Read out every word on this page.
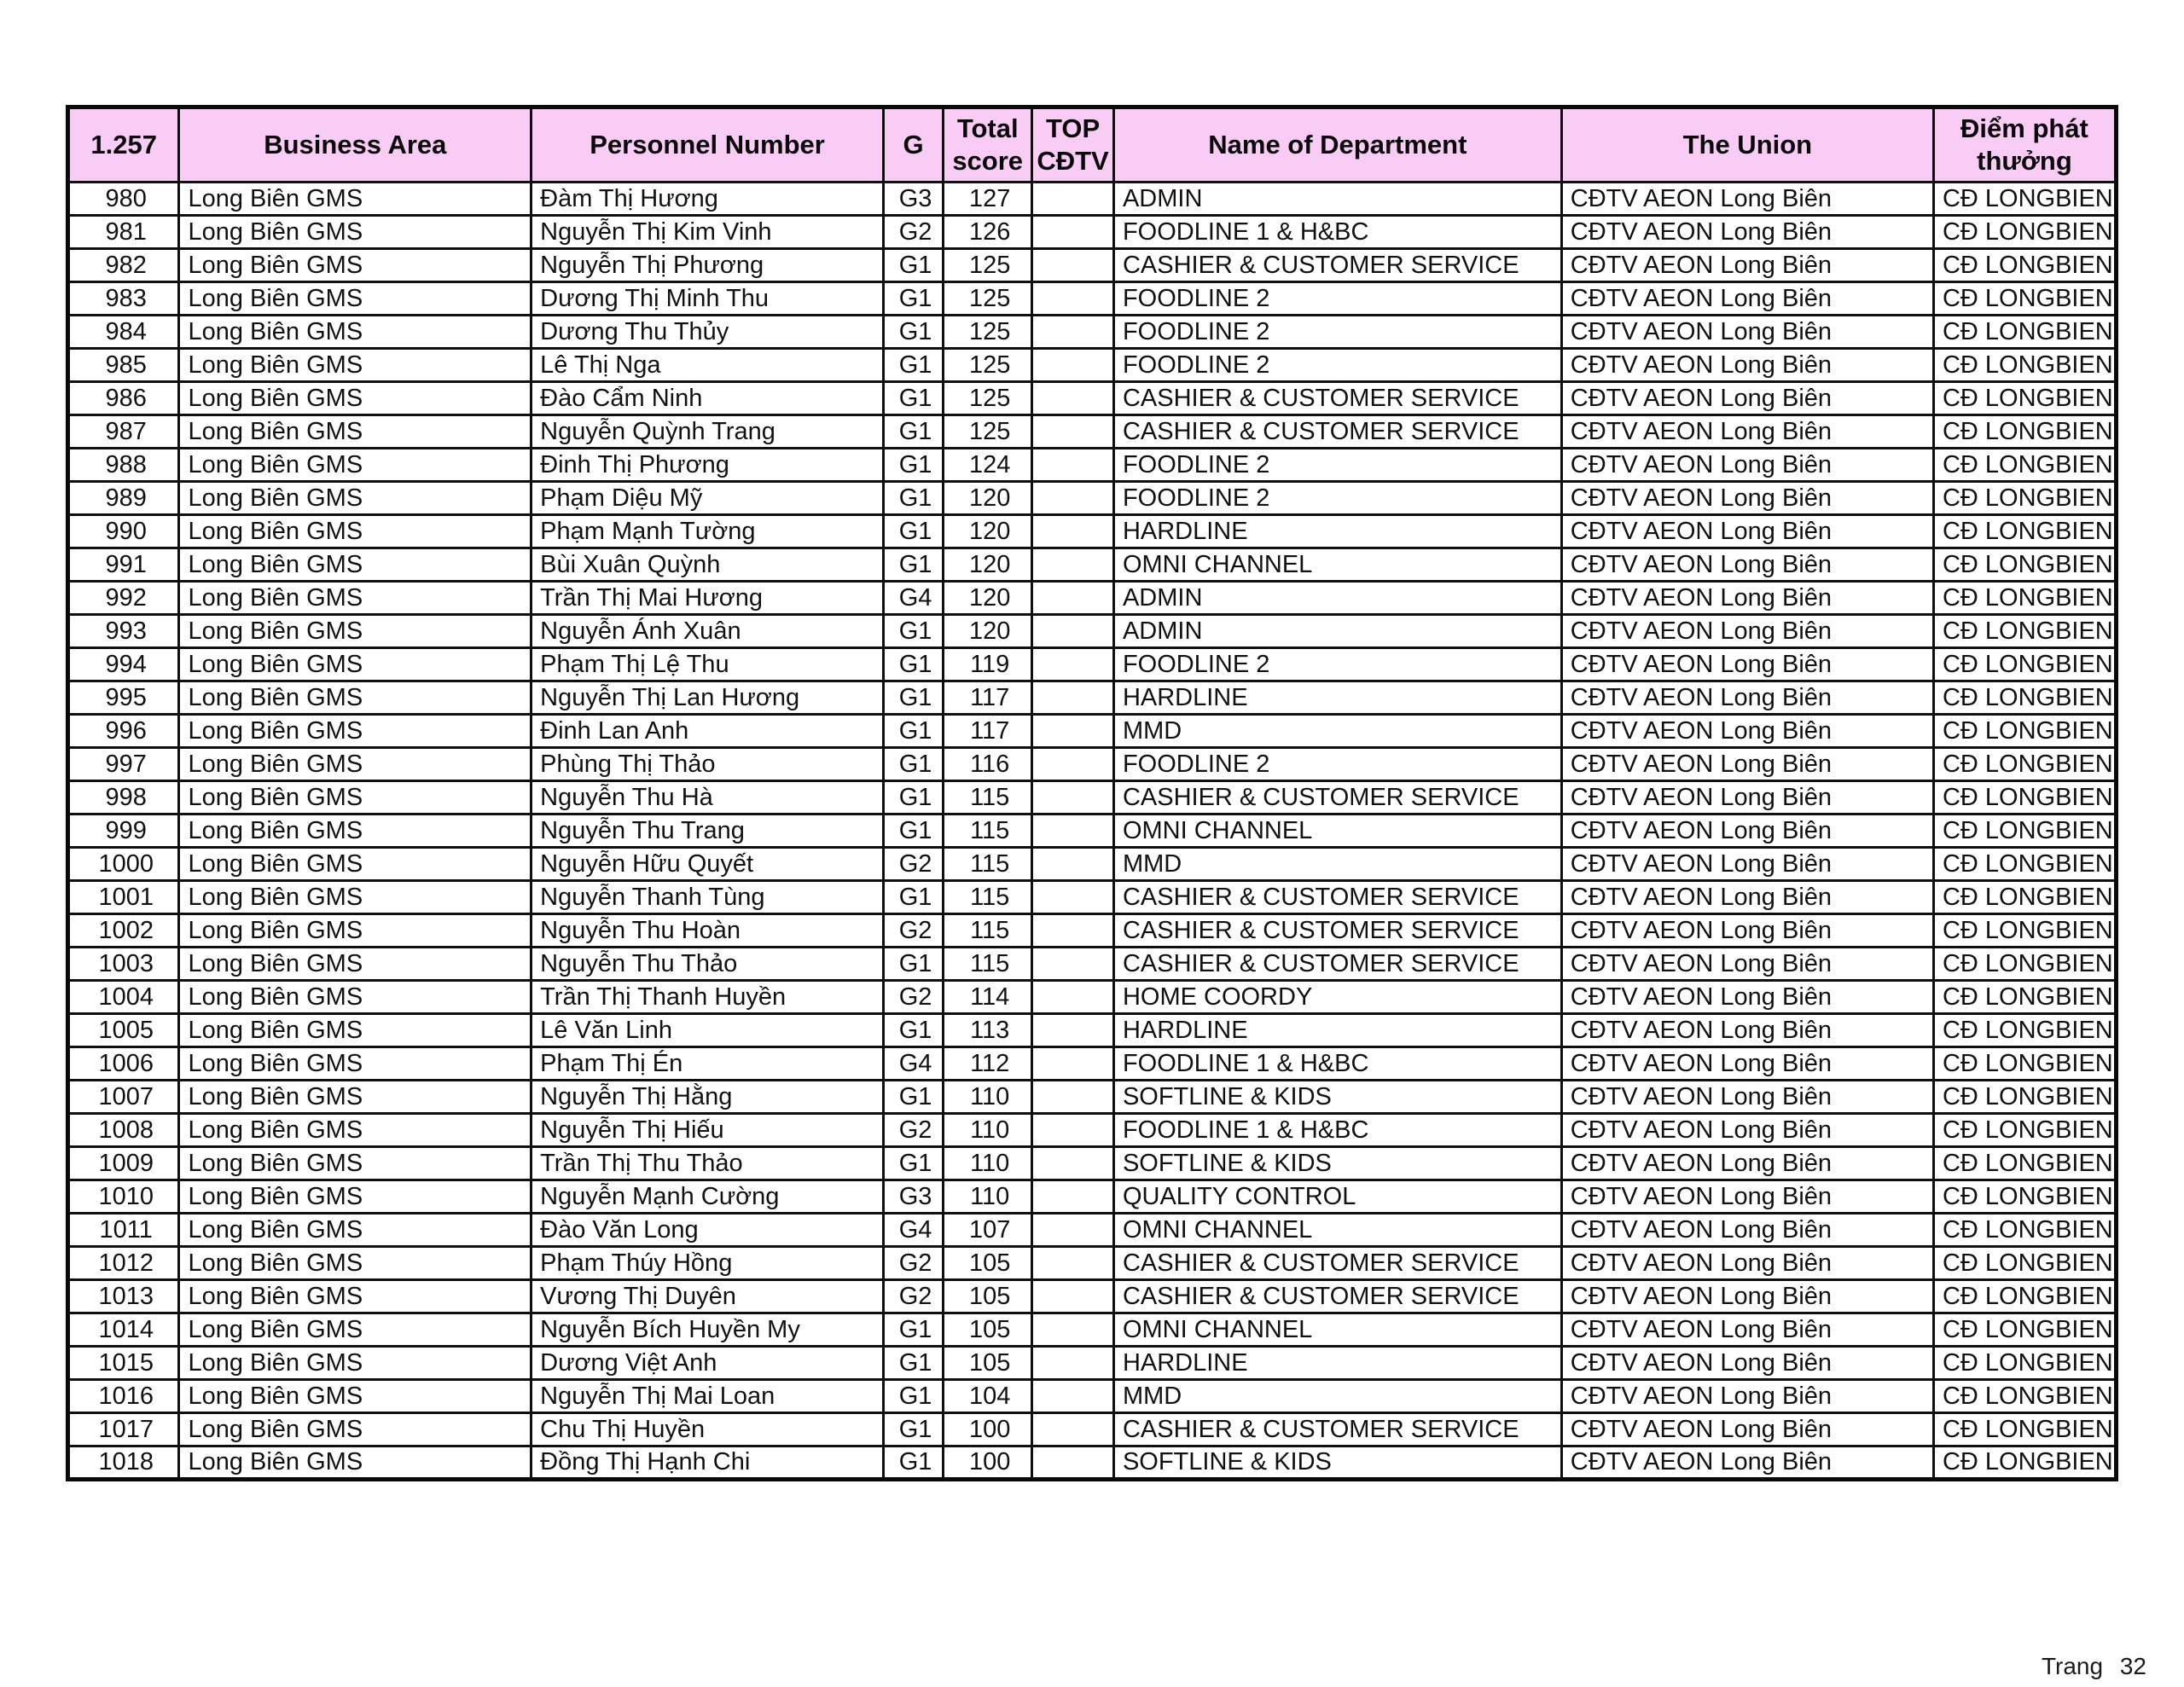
1.257	Business Area	Personnel Number	G	Total score	TOP CĐTV	Name of Department	The Union	Điểm phát thưởng
980	Long Biên GMS	Đàm Thị Hương	G3	127		ADMIN	CĐTV AEON Long Biên	CĐ LONGBIEN
981	Long Biên GMS	Nguyễn Thị Kim Vinh	G2	126		FOODLINE 1 & H&BC	CĐTV AEON Long Biên	CĐ LONGBIEN
982	Long Biên GMS	Nguyễn Thị Phương	G1	125		CASHIER & CUSTOMER SERVICE	CĐTV AEON Long Biên	CĐ LONGBIEN
983	Long Biên GMS	Dương Thị Minh Thu	G1	125		FOODLINE 2	CĐTV AEON Long Biên	CĐ LONGBIEN
984	Long Biên GMS	Dương Thu Thủy	G1	125		FOODLINE 2	CĐTV AEON Long Biên	CĐ LONGBIEN
985	Long Biên GMS	Lê Thị Nga	G1	125		FOODLINE 2	CĐTV AEON Long Biên	CĐ LONGBIEN
986	Long Biên GMS	Đào Cẩm Ninh	G1	125		CASHIER & CUSTOMER SERVICE	CĐTV AEON Long Biên	CĐ LONGBIEN
987	Long Biên GMS	Nguyễn Quỳnh Trang	G1	125		CASHIER & CUSTOMER SERVICE	CĐTV AEON Long Biên	CĐ LONGBIEN
988	Long Biên GMS	Đinh Thị Phương	G1	124		FOODLINE 2	CĐTV AEON Long Biên	CĐ LONGBIEN
989	Long Biên GMS	Phạm Diệu Mỹ	G1	120		FOODLINE 2	CĐTV AEON Long Biên	CĐ LONGBIEN
990	Long Biên GMS	Phạm Mạnh Tường	G1	120		HARDLINE	CĐTV AEON Long Biên	CĐ LONGBIEN
991	Long Biên GMS	Bùi Xuân Quỳnh	G1	120		OMNI CHANNEL	CĐTV AEON Long Biên	CĐ LONGBIEN
992	Long Biên GMS	Trần Thị Mai Hương	G4	120		ADMIN	CĐTV AEON Long Biên	CĐ LONGBIEN
993	Long Biên GMS	Nguyễn Ánh Xuân	G1	120		ADMIN	CĐTV AEON Long Biên	CĐ LONGBIEN
994	Long Biên GMS	Phạm Thị Lệ Thu	G1	119		FOODLINE 2	CĐTV AEON Long Biên	CĐ LONGBIEN
995	Long Biên GMS	Nguyễn Thị Lan Hương	G1	117		HARDLINE	CĐTV AEON Long Biên	CĐ LONGBIEN
996	Long Biên GMS	Đinh Lan Anh	G1	117		MMD	CĐTV AEON Long Biên	CĐ LONGBIEN
997	Long Biên GMS	Phùng Thị Thảo	G1	116		FOODLINE 2	CĐTV AEON Long Biên	CĐ LONGBIEN
998	Long Biên GMS	Nguyễn Thu Hà	G1	115		CASHIER & CUSTOMER SERVICE	CĐTV AEON Long Biên	CĐ LONGBIEN
999	Long Biên GMS	Nguyễn Thu Trang	G1	115		OMNI CHANNEL	CĐTV AEON Long Biên	CĐ LONGBIEN
1000	Long Biên GMS	Nguyễn Hữu Quyết	G2	115		MMD	CĐTV AEON Long Biên	CĐ LONGBIEN
1001	Long Biên GMS	Nguyễn Thanh Tùng	G1	115		CASHIER & CUSTOMER SERVICE	CĐTV AEON Long Biên	CĐ LONGBIEN
1002	Long Biên GMS	Nguyễn Thu Hoàn	G2	115		CASHIER & CUSTOMER SERVICE	CĐTV AEON Long Biên	CĐ LONGBIEN
1003	Long Biên GMS	Nguyễn Thu Thảo	G1	115		CASHIER & CUSTOMER SERVICE	CĐTV AEON Long Biên	CĐ LONGBIEN
1004	Long Biên GMS	Trần Thị Thanh Huyền	G2	114		HOME COORDY	CĐTV AEON Long Biên	CĐ LONGBIEN
1005	Long Biên GMS	Lê Văn Linh	G1	113		HARDLINE	CĐTV AEON Long Biên	CĐ LONGBIEN
1006	Long Biên GMS	Phạm Thị Én	G4	112		FOODLINE 1 & H&BC	CĐTV AEON Long Biên	CĐ LONGBIEN
1007	Long Biên GMS	Nguyễn Thị Hằng	G1	110		SOFTLINE & KIDS	CĐTV AEON Long Biên	CĐ LONGBIEN
1008	Long Biên GMS	Nguyễn Thị Hiếu	G2	110		FOODLINE 1 & H&BC	CĐTV AEON Long Biên	CĐ LONGBIEN
1009	Long Biên GMS	Trần Thị Thu Thảo	G1	110		SOFTLINE & KIDS	CĐTV AEON Long Biên	CĐ LONGBIEN
1010	Long Biên GMS	Nguyễn Mạnh Cường	G3	110		QUALITY CONTROL	CĐTV AEON Long Biên	CĐ LONGBIEN
1011	Long Biên GMS	Đào Văn Long	G4	107		OMNI CHANNEL	CĐTV AEON Long Biên	CĐ LONGBIEN
1012	Long Biên GMS	Phạm Thúy Hồng	G2	105		CASHIER & CUSTOMER SERVICE	CĐTV AEON Long Biên	CĐ LONGBIEN
1013	Long Biên GMS	Vương Thị Duyên	G2	105		CASHIER & CUSTOMER SERVICE	CĐTV AEON Long Biên	CĐ LONGBIEN
1014	Long Biên GMS	Nguyễn Bích Huyền My	G1	105		OMNI CHANNEL	CĐTV AEON Long Biên	CĐ LONGBIEN
1015	Long Biên GMS	Dương Việt Anh	G1	105		HARDLINE	CĐTV AEON Long Biên	CĐ LONGBIEN
1016	Long Biên GMS	Nguyễn Thị Mai Loan	G1	104		MMD	CĐTV AEON Long Biên	CĐ LONGBIEN
1017	Long Biên GMS	Chu Thị Huyền	G1	100		CASHIER & CUSTOMER SERVICE	CĐTV AEON Long Biên	CĐ LONGBIEN
1018	Long Biên GMS	Đồng Thị Hạnh Chi	G1	100		SOFTLINE & KIDS	CĐTV AEON Long Biên	CĐ LONGBIEN
Trang 32
